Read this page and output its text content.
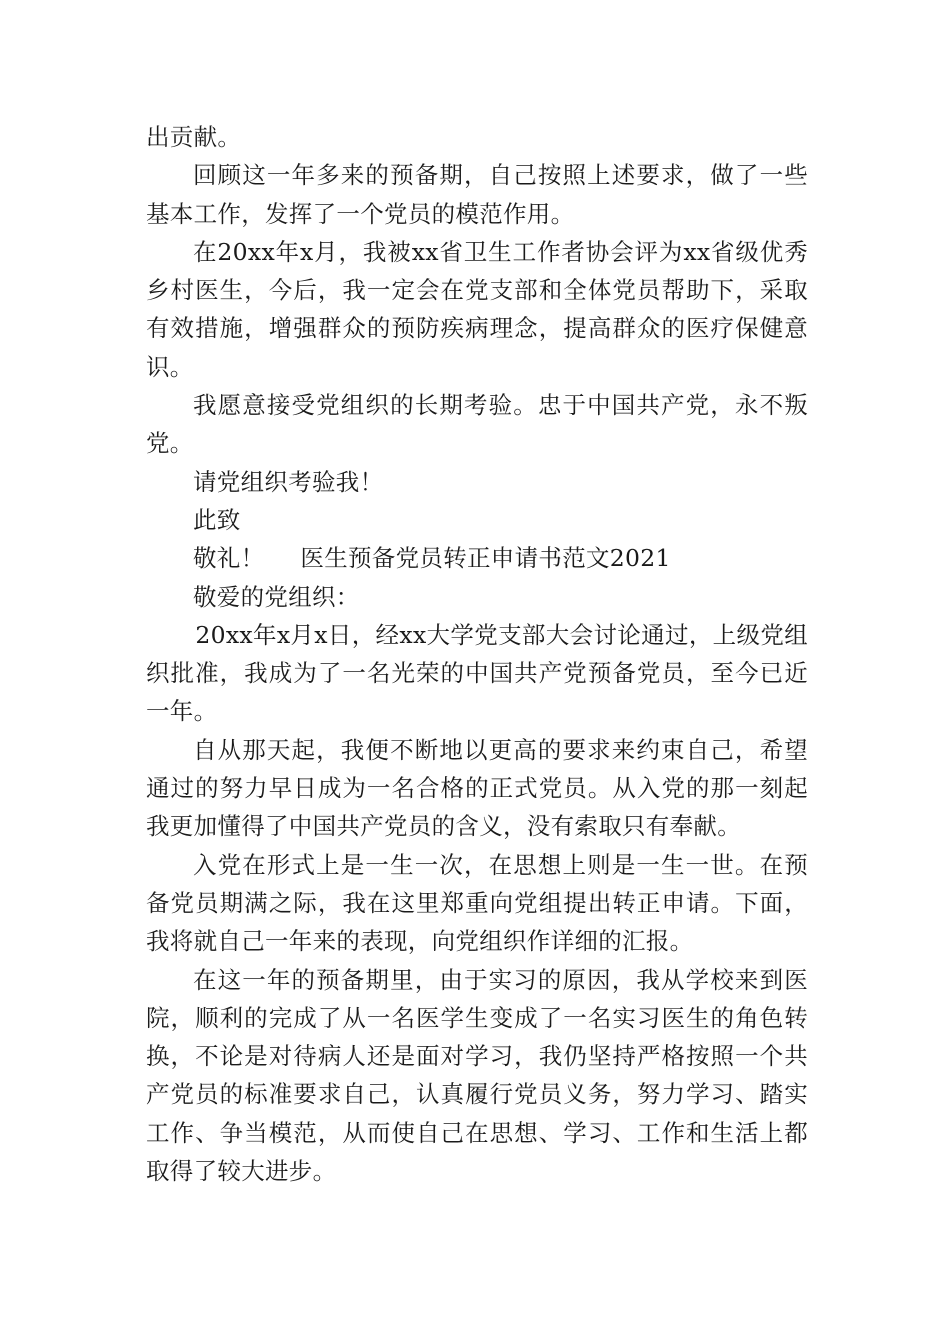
出贡献。

回顾这一年多来的预备期，自己按照上述要求，做了一些基本工作，发挥了一个党员的模范作用。

在20xx年x月，我被xx省卫生工作者协会评为xx省级优秀乡村医生，今后，我一定会在党支部和全体党员帮助下，采取有效措施，增强群众的预防疾病理念，提高群众的医疗保健意识。

我愿意接受党组织的长期考验。忠于中国共产党，永不叛党。

请党组织考验我！

此致

敬礼！ 医生预备党员转正申请书范文2021

敬爱的党组织：

20xx年x月x日，经xx大学党支部大会讨论通过，上级党组织批准，我成为了一名光荣的中国共产党预备党员，至今已近一年。

自从那天起，我便不断地以更高的要求来约束自己，希望通过的努力早日成为一名合格的正式党员。从入党的那一刻起我更加懂得了中国共产党员的含义，没有索取只有奉献。

入党在形式上是一生一次，在思想上则是一生一世。在预备党员期满之际，我在这里郑重向党组提出转正申请。下面，我将就自己一年来的表现，向党组织作详细的汇报。

在这一年的预备期里，由于实习的原因，我从学校来到医院，顺利的完成了从一名医学生变成了一名实习医生的角色转换，不论是对待病人还是面对学习，我仍坚持严格按照一个共产党员的标准要求自己，认真履行党员义务，努力学习、踏实工作、争当模范，从而使自己在思想、学习、工作和生活上都取得了较大进步。
